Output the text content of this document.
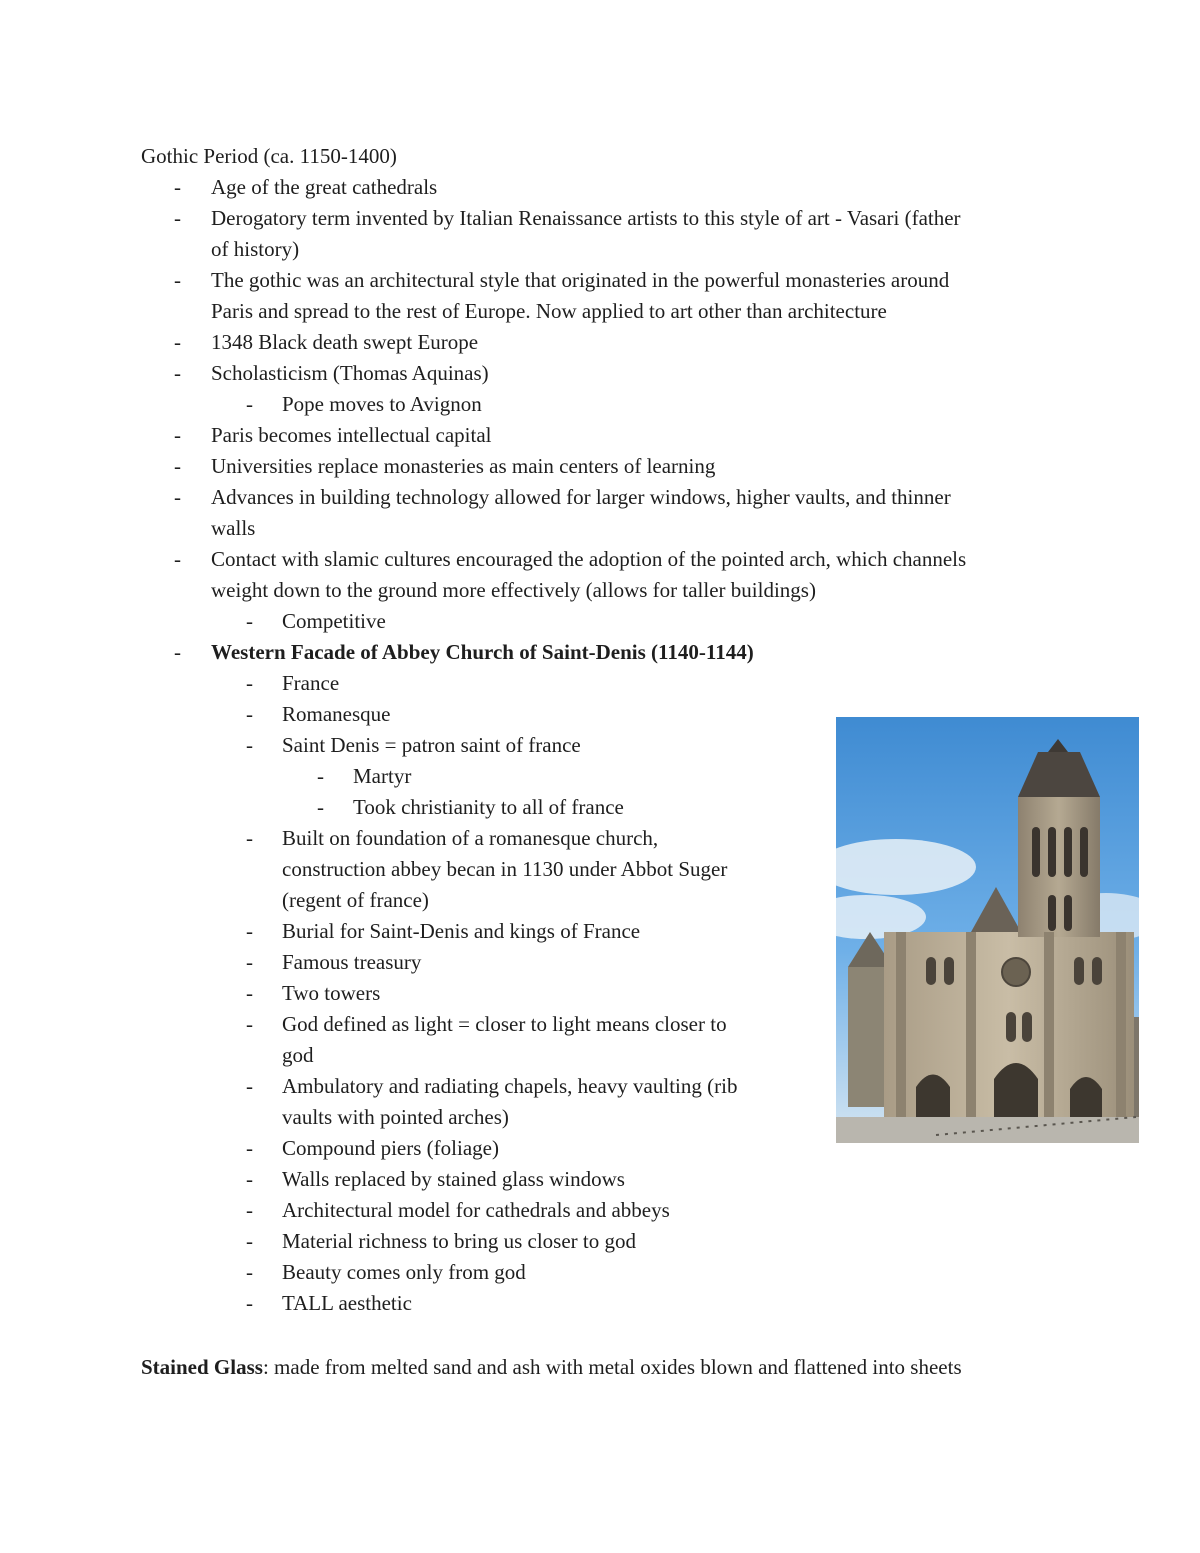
Gothic Period (ca. 1150-1400)
- Age of the great cathedrals
- Derogatory term invented by Italian Renaissance artists to this style of art - Vasari (father
of history)
- The gothic was an architectural style that originated in the powerful monasteries around
Paris and spread to the rest of Europe. Now applied to art other than architecture
- 1348 Black death swept Europe
- Scholasticism (Thomas Aquinas)
- Pope moves to Avignon
- Paris becomes intellectual capital
- Universities replace monasteries as main centers of learning
- Advances in building technology allowed for larger windows, higher vaults, and thinner
walls
- Contact with slamic cultures encouraged the adoption of the pointed arch, which channels
weight down to the ground more effectively (allows for taller buildings)
- Competitive
- Western Facade of Abbey Church of Saint-Denis (1140-1144)
- France
- Romanesque
- Saint Denis = patron saint of france
- Martyr
- Took christianity to all of france
- Built on foundation of a romanesque church,
construction abbey becan in 1130 under Abbot Suger
(regent of france)
- Burial for Saint-Denis and kings of France
- Famous treasury
- Two towers
- God defined as light = closer to light means closer to
god
- Ambulatory and radiating chapels, heavy vaulting (rib
vaults with pointed arches)
- Compound piers (foliage)
- Walls replaced by stained glass windows
- Architectural model for cathedrals and abbeys
- Material richness to bring us closer to god
- Beauty comes only from god
- TALL aesthetic
Stained Glass: made from melted sand and ash with metal oxides blown and flattened into sheets
